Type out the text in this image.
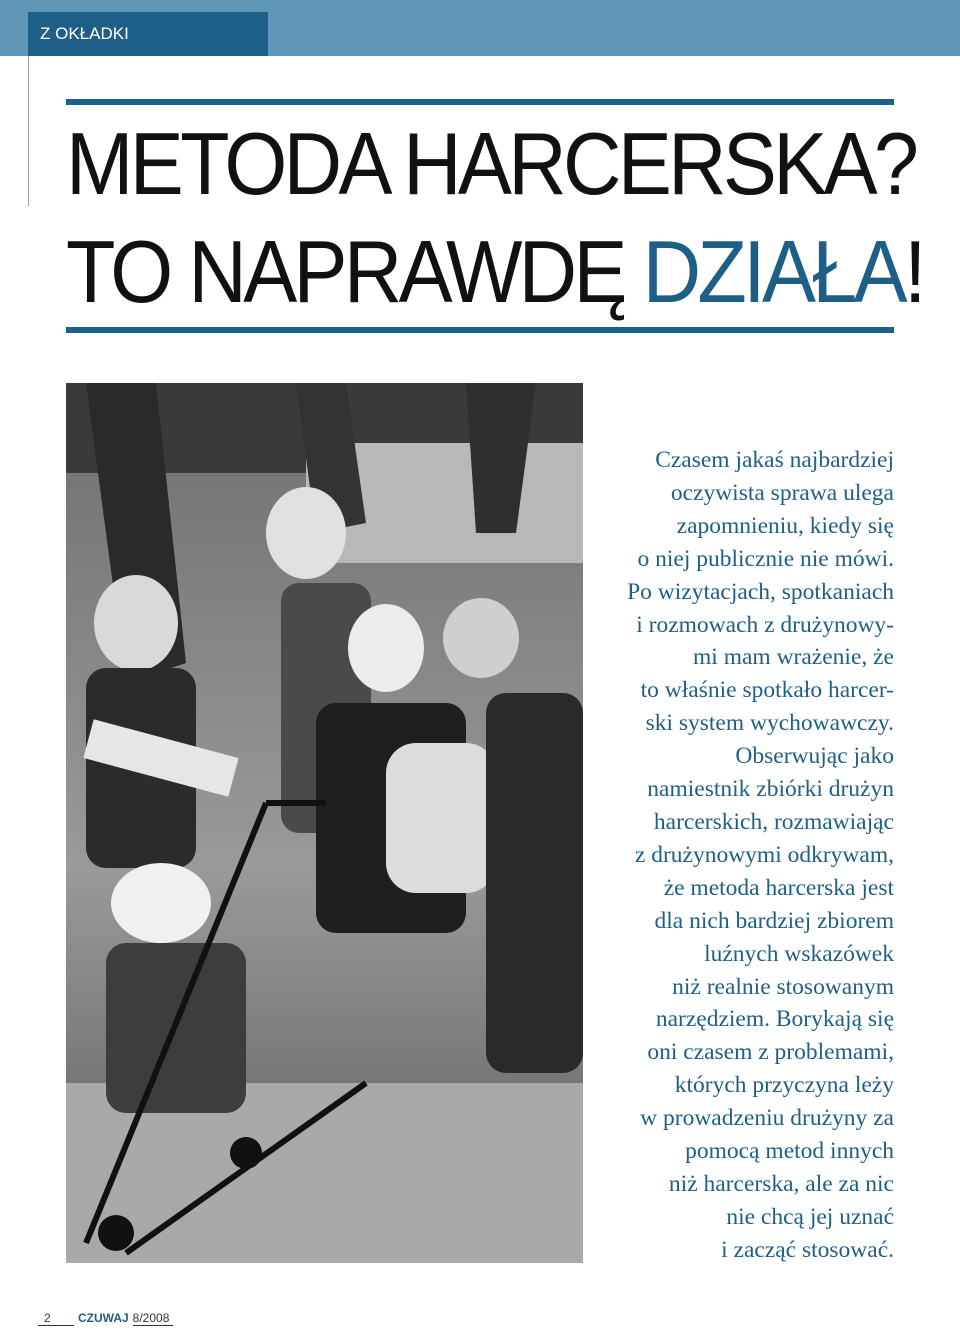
Z OKŁADKI
METODA HARCERSKA?
TO NAPRAWDĘ DZIAŁA!
Czasem jakaś najbardziej
oczywista sprawa ulega
zapomnieniu, kiedy się
o niej publicznie nie mówi.
Po wizytacjach, spotkaniach
i rozmowach z drużynowy-
mi mam wrażenie, że
to właśnie spotkało harcer-
ski system wychowawczy.
Obserwując jako
namiestnik zbiórki drużyn
harcerskich, rozmawiając
z drużynowymi odkrywam,
że metoda harcerska jest
dla nich bardziej zbiorem
luźnych wskazówek
niż realnie stosowanym
narzędziem. Borykają się
oni czasem z problemami,
których przyczyna leży
w prowadzeniu drużyny za
pomocą metod innych
niż harcerska, ale za nic
nie chcą jej uznać
i zacząć stosować.
2	CZUWAJ 8/2008
